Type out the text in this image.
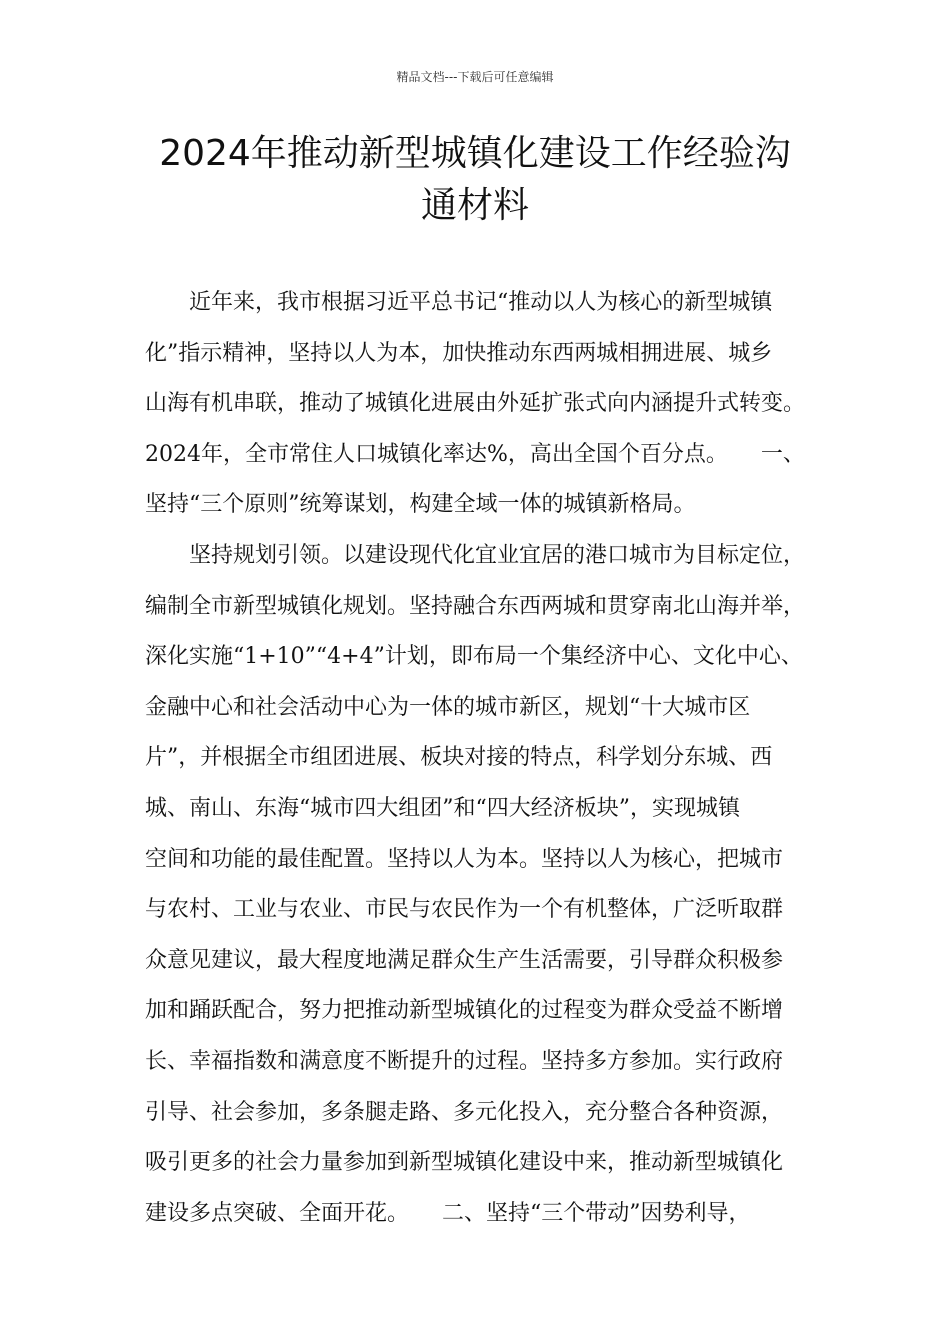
精品文档---下载后可任意编辑
2024年推动新型城镇化建设工作经验沟
通材料
　　近年来，我市根据习近平总书记“推动以人为核心的新型城镇
化”指示精神，坚持以人为本，加快推动东西两城相拥进展、城乡
山海有机串联，推动了城镇化进展由外延扩张式向内涵提升式转变。
2024年，全市常住人口城镇化率达%，高出全国个百分点。　　一、
坚持“三个原则”统筹谋划，构建全域一体的城镇新格局。
　　坚持规划引领。以建设现代化宜业宜居的港口城市为目标定位，
编制全市新型城镇化规划。坚持融合东西两城和贯穿南北山海并举，
深化实施“1+10”“4+4”计划，即布局一个集经济中心、文化中心、
金融中心和社会活动中心为一体的城市新区，规划“十大城市区
片”，并根据全市组团进展、板块对接的特点，科学划分东城、西
城、南山、东海“城市四大组团”和“四大经济板块”，实现城镇
空间和功能的最佳配置。坚持以人为本。坚持以人为核心，把城市
与农村、工业与农业、市民与农民作为一个有机整体，广泛听取群
众意见建议，最大程度地满足群众生产生活需要，引导群众积极参
加和踊跃配合，努力把推动新型城镇化的过程变为群众受益不断增
长、幸福指数和满意度不断提升的过程。坚持多方参加。实行政府
引导、社会参加，多条腿走路、多元化投入，充分整合各种资源，
吸引更多的社会力量参加到新型城镇化建设中来，推动新型城镇化
建设多点突破、全面开花。　　二、坚持“三个带动”因势利导，
